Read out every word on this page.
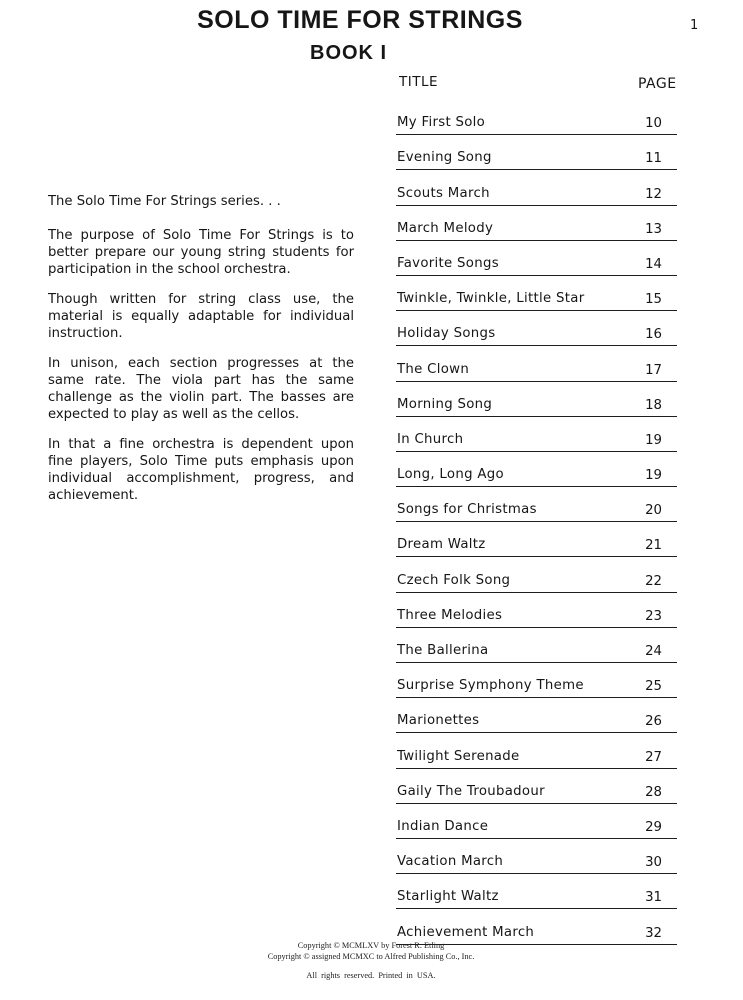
SOLO TIME FOR STRINGS
BOOK I
1
TITLE	PAGE
My First Solo	10
Evening Song	11
Scouts March	12
March Melody	13
Favorite Songs	14
Twinkle, Twinkle, Little Star	15
Holiday Songs	16
The Clown	17
Morning Song	18
In Church	19
Long, Long Ago	19
Songs for Christmas	20
Dream Waltz	21
Czech Folk Song	22
Three Melodies	23
The Ballerina	24
Surprise Symphony Theme	25
Marionettes	26
Twilight Serenade	27
Gaily The Troubadour	28
Indian Dance	29
Vacation March	30
Starlight Waltz	31
Achievement March	32

The Solo Time For Strings series. . .

The purpose of Solo Time For Strings is to better prepare our young string students for participation in the school orchestra.

Though written for string class use, the material is equally adaptable for individual instruction.

In unison, each section progresses at the same rate. The viola part has the same challenge as the violin part. The basses are expected to play as well as the cellos.

In that a fine orchestra is dependent upon fine players, Solo Time puts emphasis upon individual accomplishment, progress, and achievement.

Copyright © MCMLXV by Forest R. Etling
Copyright © assigned MCMXC to Alfred Publishing Co., Inc.
All rights reserved. Printed in USA.
